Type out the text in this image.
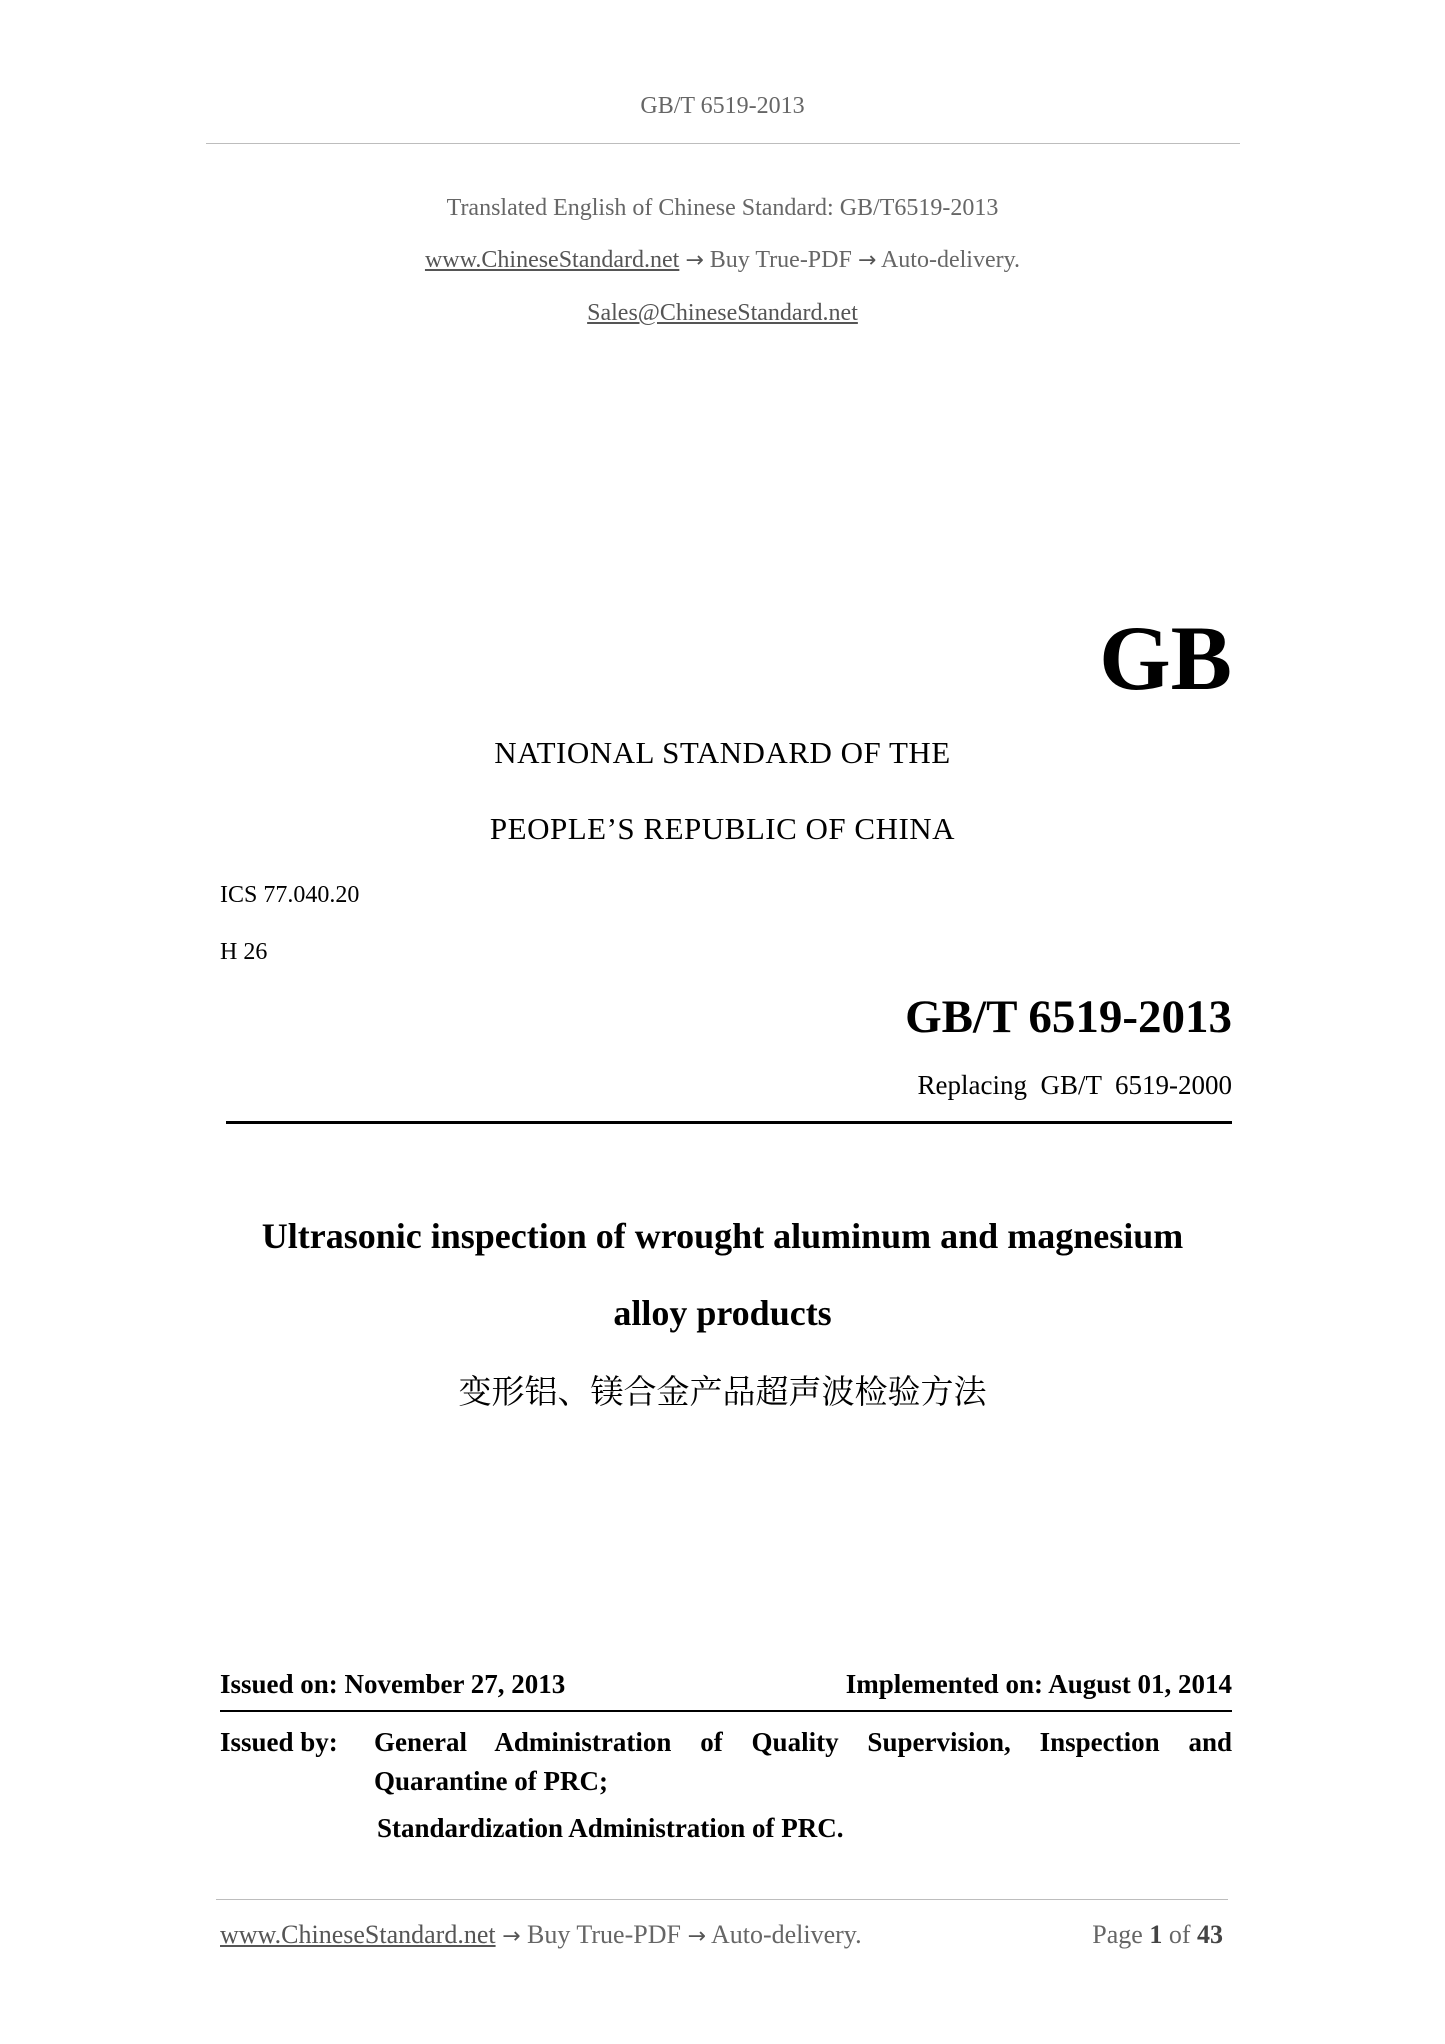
GB/T 6519-2013
Translated English of Chinese Standard: GB/T6519-2013
www.ChineseStandard.net → Buy True-PDF → Auto-delivery.
Sales@ChineseStandard.net
GB
NATIONAL STANDARD OF THE
PEOPLE’S REPUBLIC OF CHINA
ICS 77.040.20
H 26
GB/T 6519-2013
Replacing  GB/T  6519-2000
Ultrasonic inspection of wrought aluminum and magnesium
alloy products
变形铝、镁合金产品超声波检验方法
Issued on: November 27, 2013	Implemented on: August 01, 2014
Issued by: General Administration of Quality Supervision, Inspection and
Quarantine of PRC;
Standardization Administration of PRC.
www.ChineseStandard.net → Buy True-PDF → Auto-delivery.	Page 1 of 43
